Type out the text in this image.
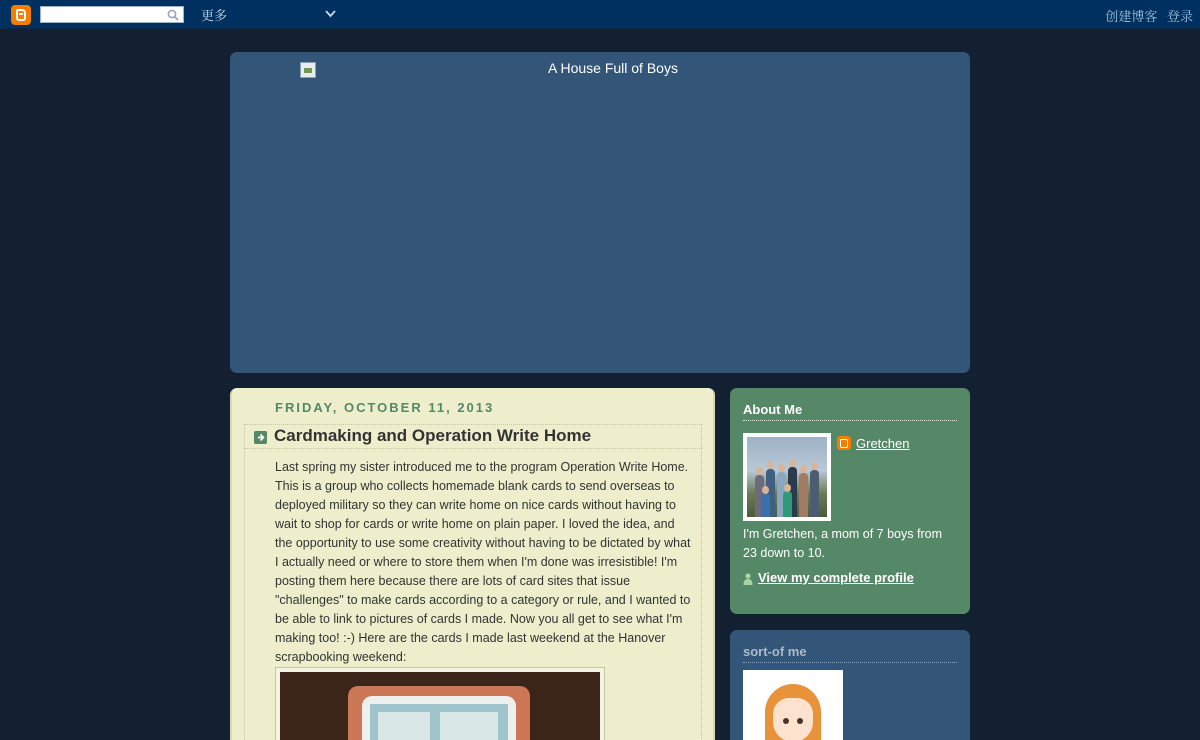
更多	创建博客 登录
A House Full of Boys
FRIDAY, OCTOBER 11, 2013
Cardmaking and Operation Write Home
Last spring my sister introduced me to the program Operation Write Home. This is a group who collects homemade blank cards to send overseas to deployed military so they can write home on nice cards without having to wait to shop for cards or write home on plain paper. I loved the idea, and the opportunity to use some creativity without having to be dictated by what I actually need or where to store them when I'm done was irresistible! I'm posting them here because there are lots of card sites that issue "challenges" to make cards according to a category or rule, and I wanted to be able to link to pictures of cards I made. Now you all get to see what I'm making too! :-) Here are the cards I made last weekend at the Hanover scrapbooking weekend:
About Me
Gretchen
I'm Gretchen, a mom of 7 boys from 23 down to 10.
View my complete profile
sort-of me
